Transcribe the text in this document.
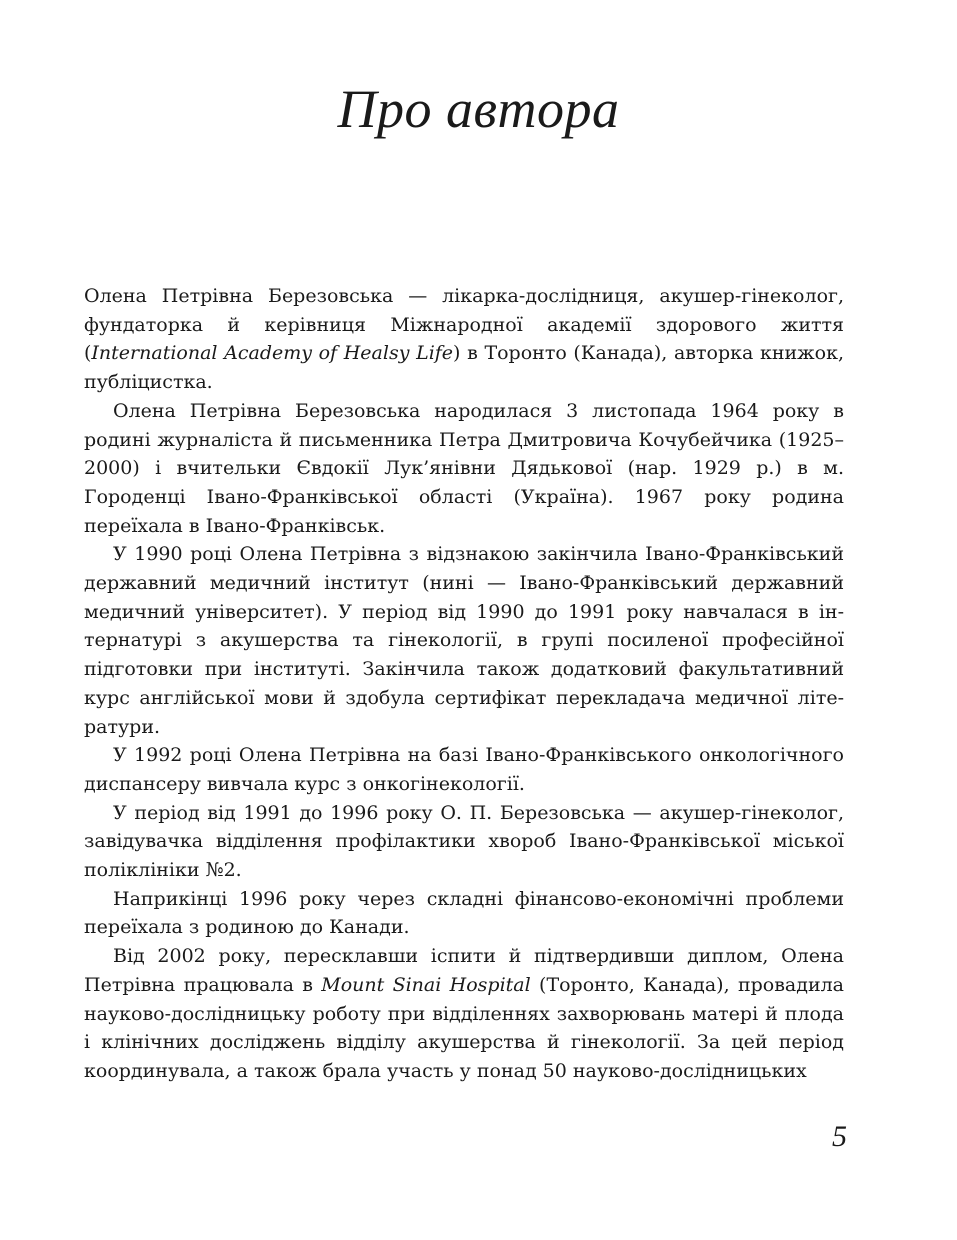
Про автора

Олена Петрівна Березовська — лікарка-дослідниця, акушер-гінеколог, фундаторка й керівниця Міжнародної академії здорового життя (International Academy of Healsy Life) в Торонто (Канада), авторка книжок, публіцистка.

Олена Петрівна Березовська народилася 3 листопада 1964 року в родині журналіста й письменника Петра Дмитровича Кочубейчика (1925–2000) і вчительки Євдокії Лук’янівни Дядькової (нар. 1929 р.) в м. Городенці Івано-Франківської області (Україна). 1967 року родина переїхала в Івано-Франківськ.

У 1990 році Олена Петрівна з відзнакою закінчила Івано-Франківський державний медичний інститут (нині — Івано-Франківський державний медичний університет). У період від 1990 до 1991 року навчалася в інтернатурі з акушерства та гінекології, в групі посиленої професійної підготовки при інституті. Закінчила також додатковий факультативний курс англійської мови й здобула сертифікат перекладача медичної літератури.

У 1992 році Олена Петрівна на базі Івано-Франківського онкологічного диспансеру вивчала курс з онкогінекології.

У період від 1991 до 1996 року О. П. Березовська — акушер-гінеколог, завідувачка відділення профілактики хвороб Івано-Франківської міської поліклініки №2.

Наприкінці 1996 року через складні фінансово-економічні проблеми переїхала з родиною до Канади.

Від 2002 року, пересклавши іспити й підтвердивши диплом, Олена Петрівна працювала в Mount Sinai Hospital (Торонто, Канада), провадила науково-дослідницьку роботу при відділеннях захворювань матері й плода і клінічних досліджень відділу акушерства й гінекології. За цей період координувала, а також брала участь у понад 50 науково-дослідницьких

5
